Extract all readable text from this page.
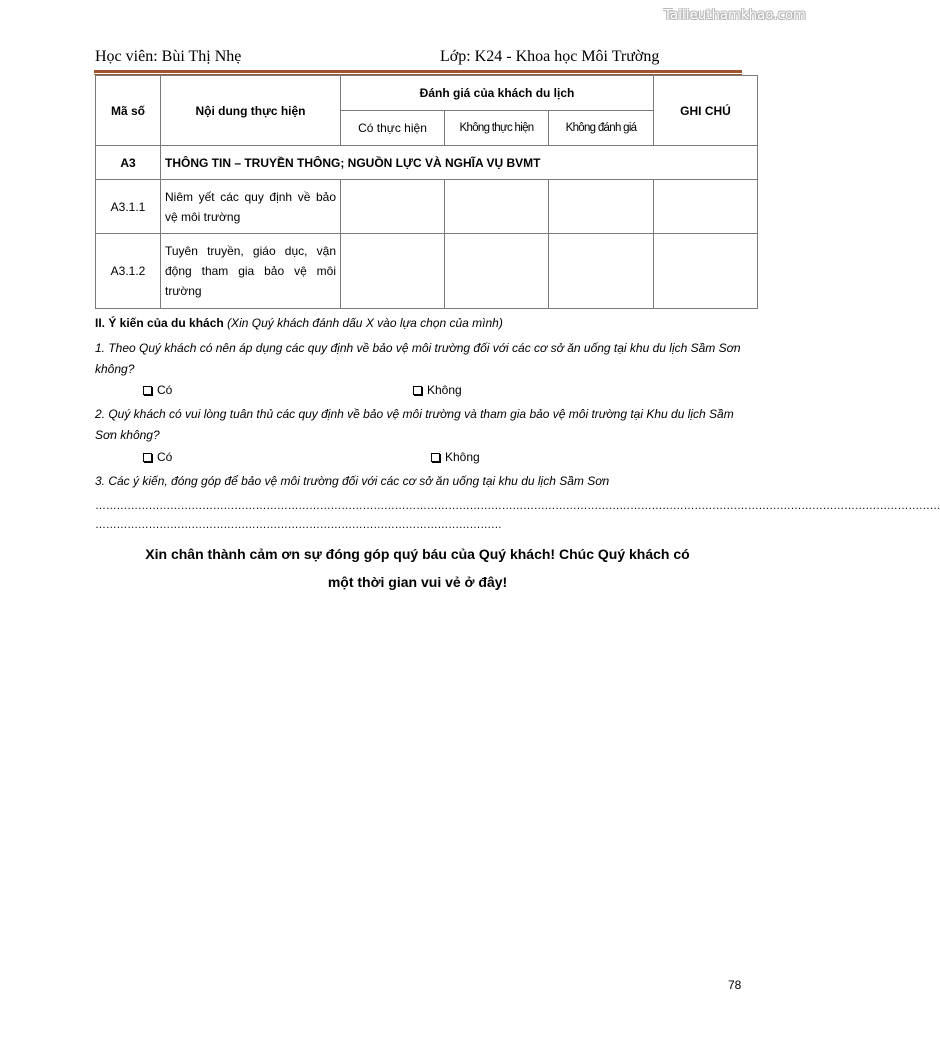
Tailieuthamkhao.com
Học viên: Bùi Thị Nhẹ	Lớp: K24 - Khoa học Môi Trường
Mã số	Nội dung thực hiện	Đánh giá của khách du lịch			GHI CHÚ
		Có thực hiện	Không thực hiện	Không đánh giá	
A3	THÔNG TIN – TRUYỀN THÔNG; NGUỒN LỰC VÀ NGHĨA VỤ BVMT				
A3.1.1	Niêm yết các quy định về bảo vệ môi trường				
A3.1.2	Tuyên truyền, giáo dục, vận động tham gia bảo vệ môi trường				
II. Ý kiến của du khách (Xin Quý khách đánh dấu X vào lựa chọn của mình)
1. Theo Quý khách có nên áp dụng các quy định về bảo vệ môi trường đối với các cơ sở ăn uống tại khu du lịch Sầm Sơn không?
Có	Không
2. Quý khách có vui lòng tuân thủ các quy định về bảo vệ môi trường và tham gia bảo vệ môi trường tại Khu du lịch Sầm Sơn không?
Có	Không
3. Các ý kiến, đóng góp để bảo vệ môi trường đối với các cơ sở ăn uống tại khu du lịch Sầm Sơn
…………………………………………………………………………………………………………………………………………………………………………………………………………………
……………………………………………………………………………………………………
Xin chân thành cảm ơn sự đóng góp quý báu của Quý khách! Chúc Quý khách có
một thời gian vui vẻ ở đây!
78
